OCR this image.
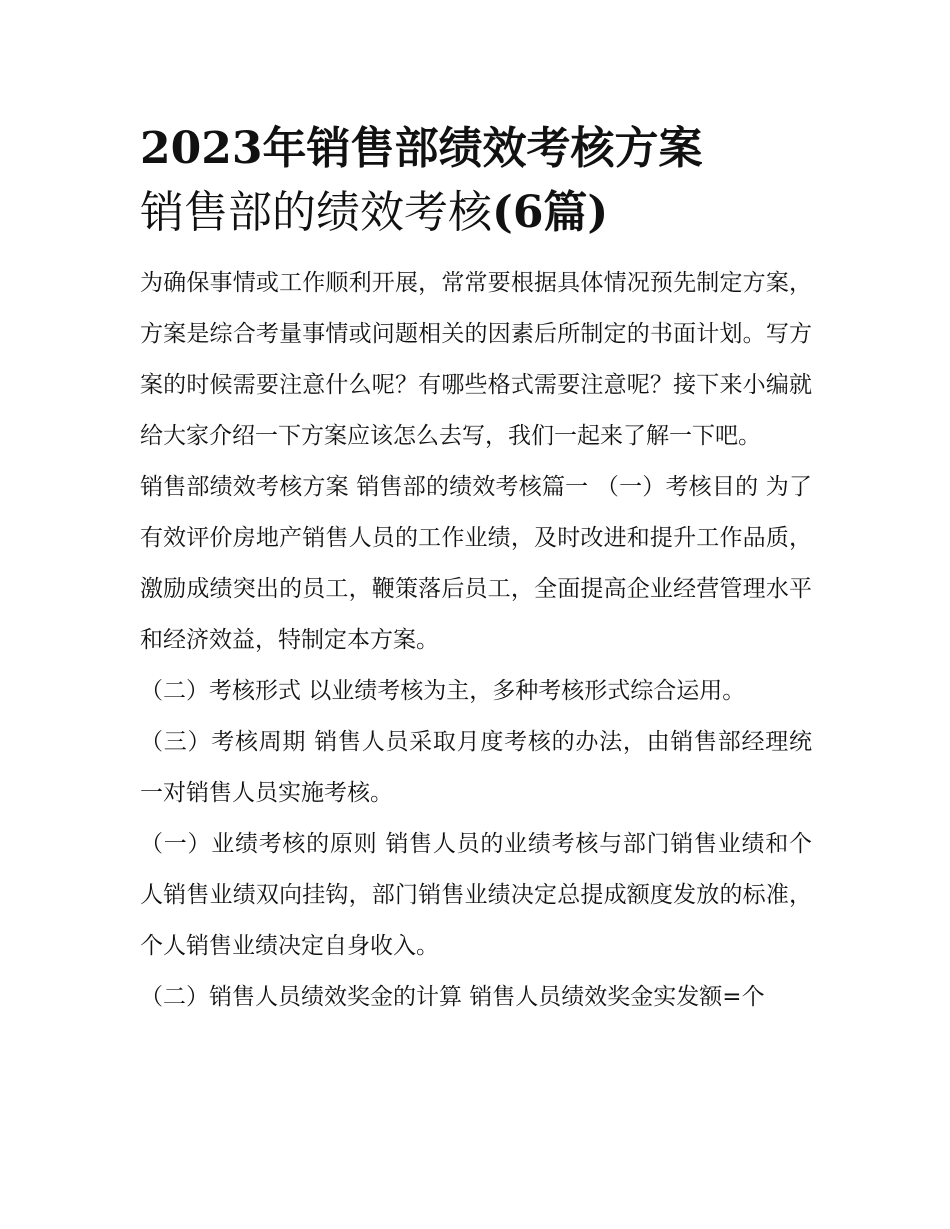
2023年销售部绩效考核方案
销售部的绩效考核(6篇)

为确保事情或工作顺利开展，常常要根据具体情况预先制定方案，方案是综合考量事情或问题相关的因素后所制定的书面计划。写方案的时候需要注意什么呢？有哪些格式需要注意呢？接下来小编就给大家介绍一下方案应该怎么去写，我们一起来了解一下吧。

销售部绩效考核方案 销售部的绩效考核篇一 （一）考核目的 为了有效评价房地产销售人员的工作业绩，及时改进和提升工作品质，激励成绩突出的员工，鞭策落后员工，全面提高企业经营管理水平和经济效益，特制定本方案。

（二）考核形式 以业绩考核为主，多种考核形式综合运用。

（三）考核周期 销售人员采取月度考核的办法，由销售部经理统一对销售人员实施考核。

（一）业绩考核的原则 销售人员的业绩考核与部门销售业绩和个人销售业绩双向挂钩，部门销售业绩决定总提成额度发放的标准，个人销售业绩决定自身收入。

（二）销售人员绩效奖金的计算 销售人员绩效奖金实发额=个
